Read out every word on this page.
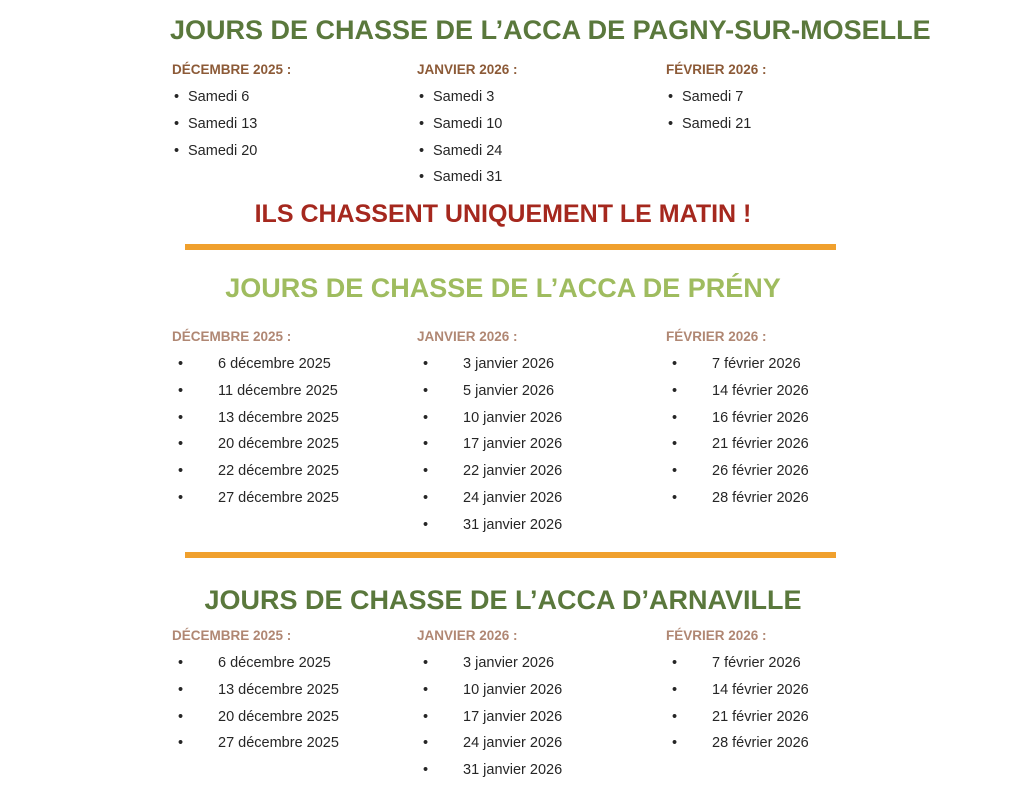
JOURS DE CHASSE DE L’ACCA DE PAGNY-SUR-MOSELLE
DÉCEMBRE 2025 :
• Samedi 6
• Samedi 13
• Samedi 20
JANVIER 2026 :
• Samedi 3
• Samedi 10
• Samedi 24
• Samedi 31
FÉVRIER 2026 :
• Samedi 7
• Samedi 21
ILS CHASSENT UNIQUEMENT LE MATIN !
JOURS DE CHASSE DE L’ACCA DE PRÉNY
DÉCEMBRE 2025 :
• 6 décembre 2025
• 11 décembre 2025
• 13 décembre 2025
• 20 décembre 2025
• 22 décembre 2025
• 27 décembre 2025
JANVIER 2026 :
• 3 janvier 2026
• 5 janvier 2026
• 10 janvier 2026
• 17 janvier 2026
• 22 janvier 2026
• 24 janvier 2026
• 31 janvier 2026
FÉVRIER 2026 :
• 7 février 2026
• 14 février 2026
• 16 février 2026
• 21 février 2026
• 26 février 2026
• 28 février 2026
JOURS DE CHASSE DE L’ACCA D’ARNAVILLE
DÉCEMBRE 2025 :
• 6 décembre 2025
• 13 décembre 2025
• 20 décembre 2025
• 27 décembre 2025
JANVIER 2026 :
• 3 janvier 2026
• 10 janvier 2026
• 17 janvier 2026
• 24 janvier 2026
• 31 janvier 2026
FÉVRIER 2026 :
• 7 février 2026
• 14 février 2026
• 21 février 2026
• 28 février 2026
